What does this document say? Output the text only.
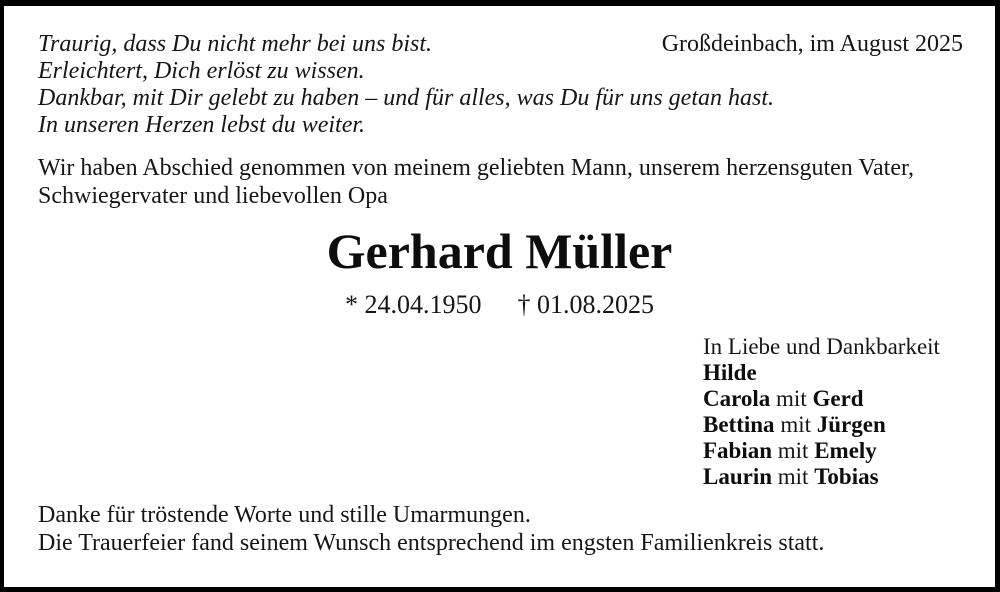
Traurig, dass Du nicht mehr bei uns bist.
Erleichtert, Dich erlöst zu wissen.
Dankbar, mit Dir gelebt zu haben – und für alles, was Du für uns getan hast.
In unseren Herzen lebst du weiter.
Großdeinbach, im August 2025
Wir haben Abschied genommen von meinem geliebten Mann, unserem herzensguten Vater,
Schwiegervater und liebevollen Opa
Gerhard Müller
* 24.04.1950 † 01.08.2025
In Liebe und Dankbarkeit
Hilde
Carola mit Gerd
Bettina mit Jürgen
Fabian mit Emely
Laurin mit Tobias
Danke für tröstende Worte und stille Umarmungen.
Die Trauerfeier fand seinem Wunsch entsprechend im engsten Familienkreis statt.
